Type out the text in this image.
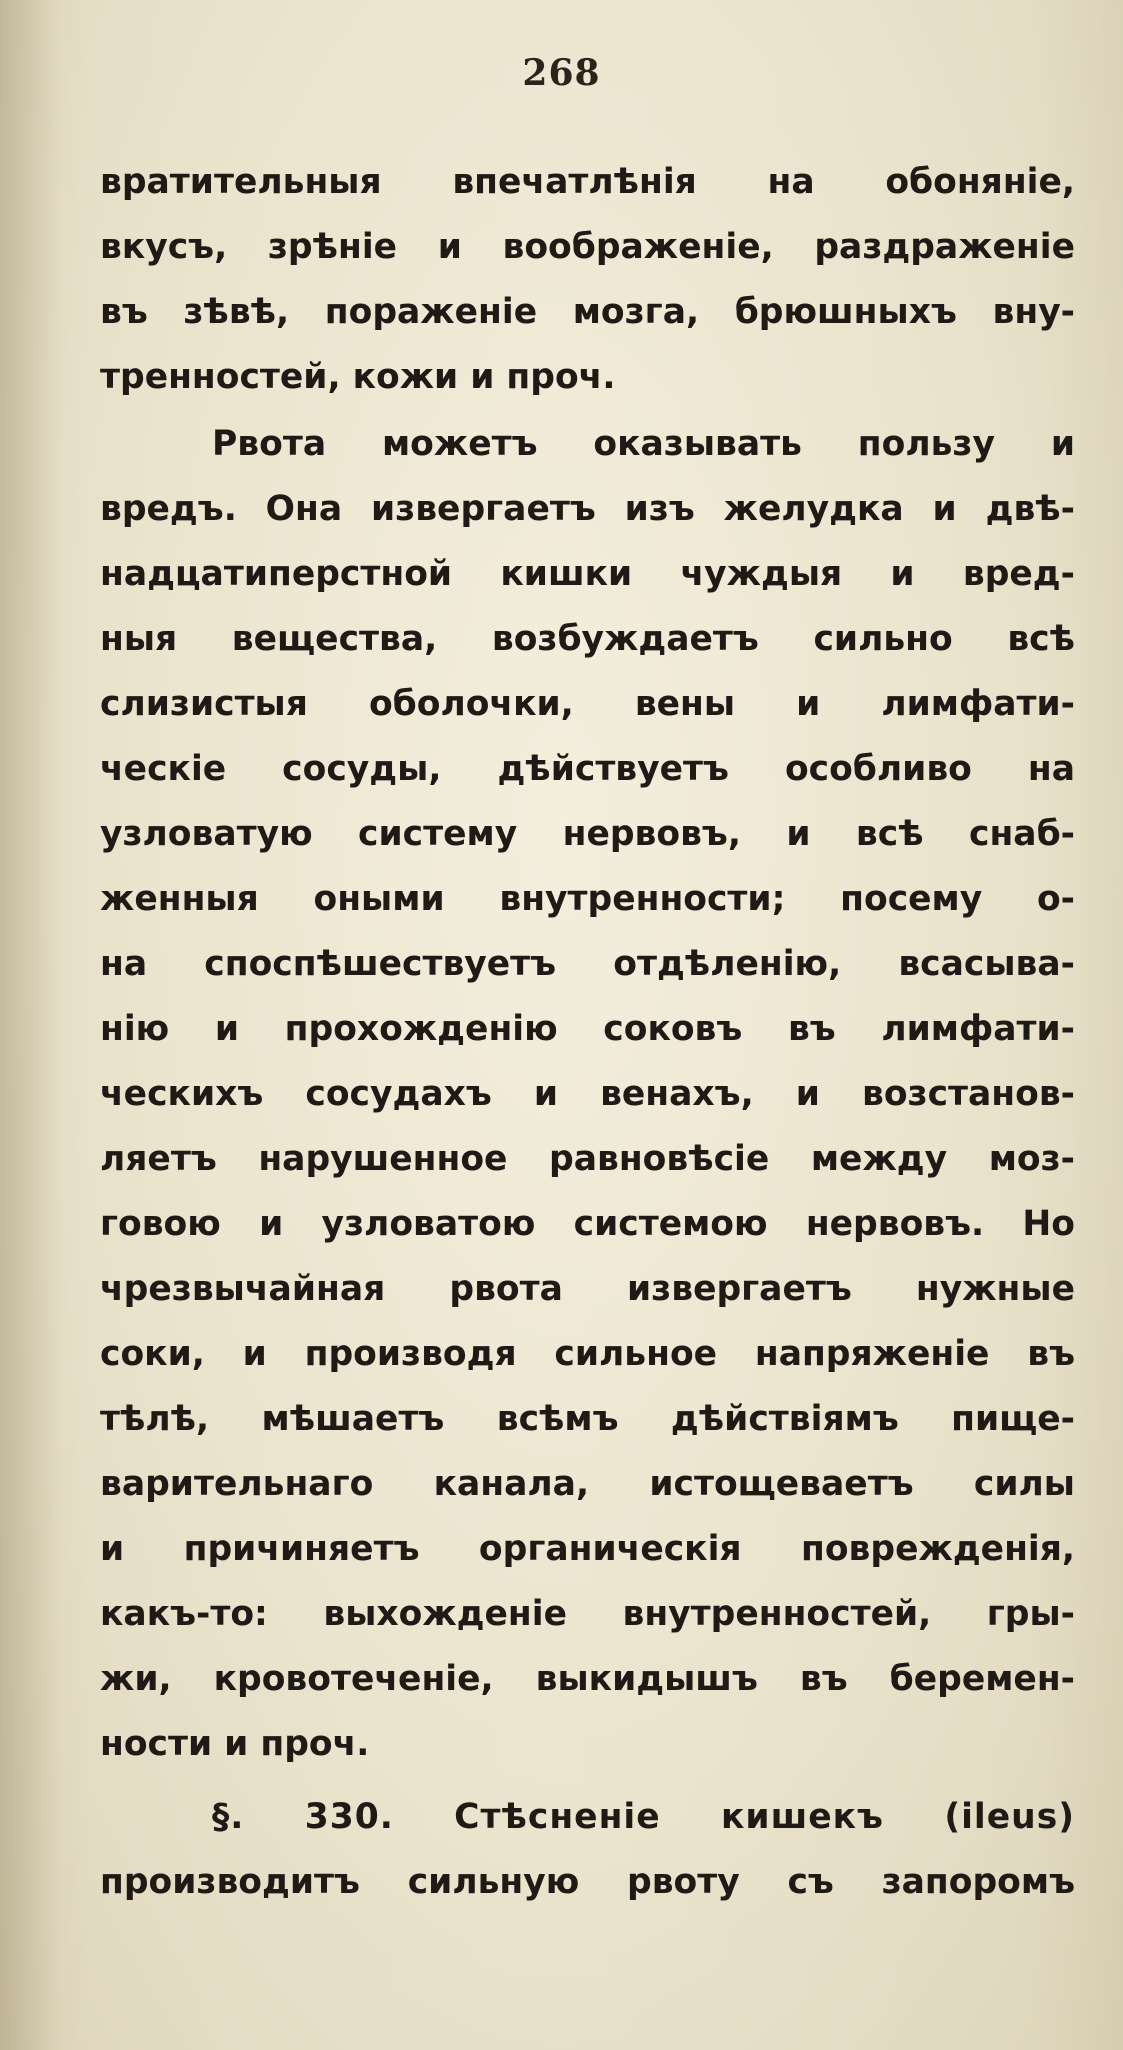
268
вратительныя впечатлѣнія на обоняніе,
вкусъ, зрѣніе и воображеніе, раздраженіе
въ зѣвѣ, пораженіе мозга, брюшныхъ вну-
тренностей, кожи и проч.
Рвота можетъ оказывать пользу и
вредъ. Она извергаетъ изъ желудка и двѣ-
надцатиперстной кишки чуждыя и вред-
ныя вещества, возбуждаетъ сильно всѣ
слизистыя оболочки, вены и лимфати-
ческіе сосуды, дѣйствуетъ особливо на
узловатую систему нервовъ, и всѣ снаб-
женныя оными внутренности; посему о-
на споспѣшествуетъ отдѣленію, всасыва-
нію и прохожденію соковъ въ лимфати-
ческихъ сосудахъ и венахъ, и возстанов-
ляетъ нарушенное равновѣсіе между моз-
говою и узловатою системою нервовъ. Но
чрезвычайная рвота извергаетъ нужные
соки, и производя сильное напряженіе въ
тѣлѣ, мѣшаетъ всѣмъ дѣйствіямъ пище-
варительнаго канала, истощеваетъ силы
и причиняетъ органическія поврежденія,
какъ-то: выхожденіе внутренностей, гры-
жи, кровотеченіе, выкидышъ въ беремен-
ности и проч.
§. 330. Стѣсненіе кишекъ (ileus)
производитъ сильную рвоту съ запоромъ
